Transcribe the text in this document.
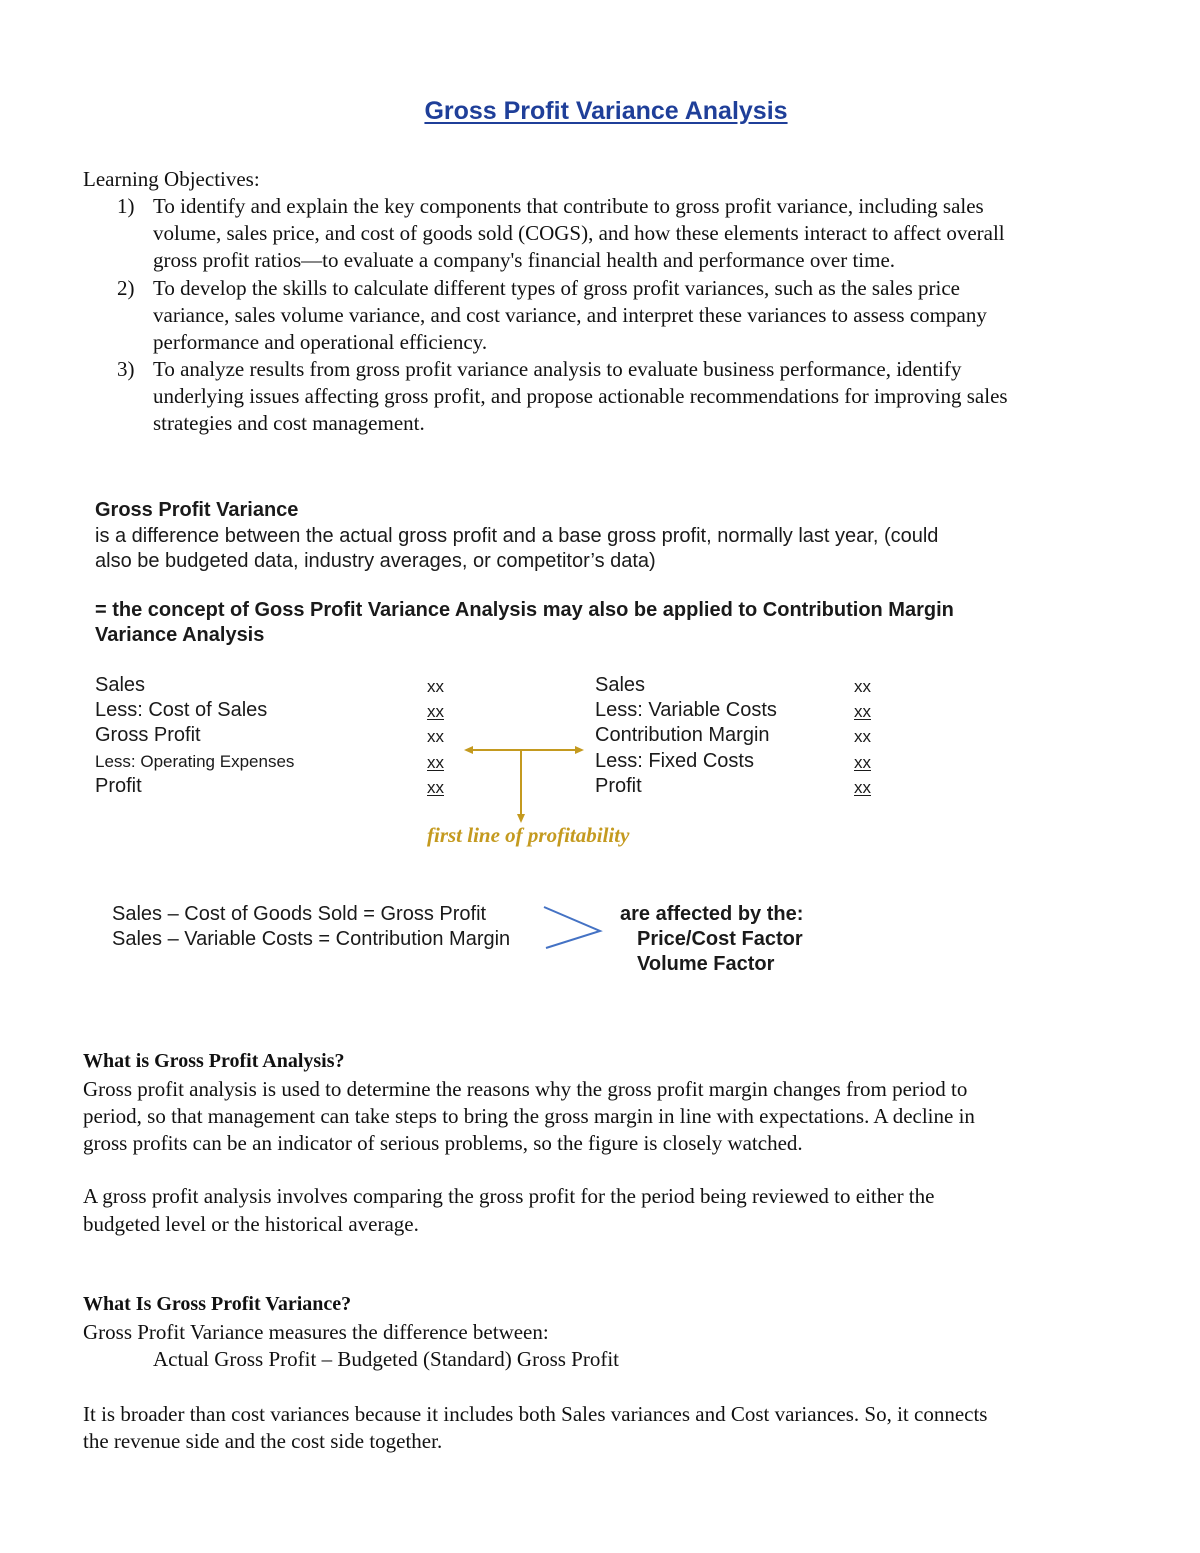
Gross Profit Variance Analysis
Learning Objectives:
1) To identify and explain the key components that contribute to gross profit variance, including sales
volume, sales price, and cost of goods sold (COGS), and how these elements interact to affect overall
gross profit ratios—to evaluate a company's financial health and performance over time.
2) To develop the skills to calculate different types of gross profit variances, such as the sales price
variance, sales volume variance, and cost variance, and interpret these variances to assess company
performance and operational efficiency.
3) To analyze results from gross profit variance analysis to evaluate business performance, identify
underlying issues affecting gross profit, and propose actionable recommendations for improving sales
strategies and cost management.
Gross Profit Variance
is a difference between the actual gross profit and a base gross profit, normally last year, (could
also be budgeted data, industry averages, or competitor’s data)
= the concept of Goss Profit Variance Analysis may also be applied to Contribution Margin
Variance Analysis
Sales	xx
Less: Cost of Sales	xx
Gross Profit	xx
Less: Operating Expenses	xx
Profit	xx
Sales	xx
Less: Variable Costs	xx
Contribution Margin	xx
Less: Fixed Costs	xx
Profit	xx
first line of profitability
Sales – Cost of Goods Sold = Gross Profit
Sales – Variable Costs = Contribution Margin
are affected by the:
Price/Cost Factor
Volume Factor
What is Gross Profit Analysis?
Gross profit analysis is used to determine the reasons why the gross profit margin changes from period to
period, so that management can take steps to bring the gross margin in line with expectations. A decline in
gross profits can be an indicator of serious problems, so the figure is closely watched.
A gross profit analysis involves comparing the gross profit for the period being reviewed to either the
budgeted level or the historical average.
What Is Gross Profit Variance?
Gross Profit Variance measures the difference between:
Actual Gross Profit – Budgeted (Standard) Gross Profit
It is broader than cost variances because it includes both Sales variances and Cost variances. So, it connects
the revenue side and the cost side together.
